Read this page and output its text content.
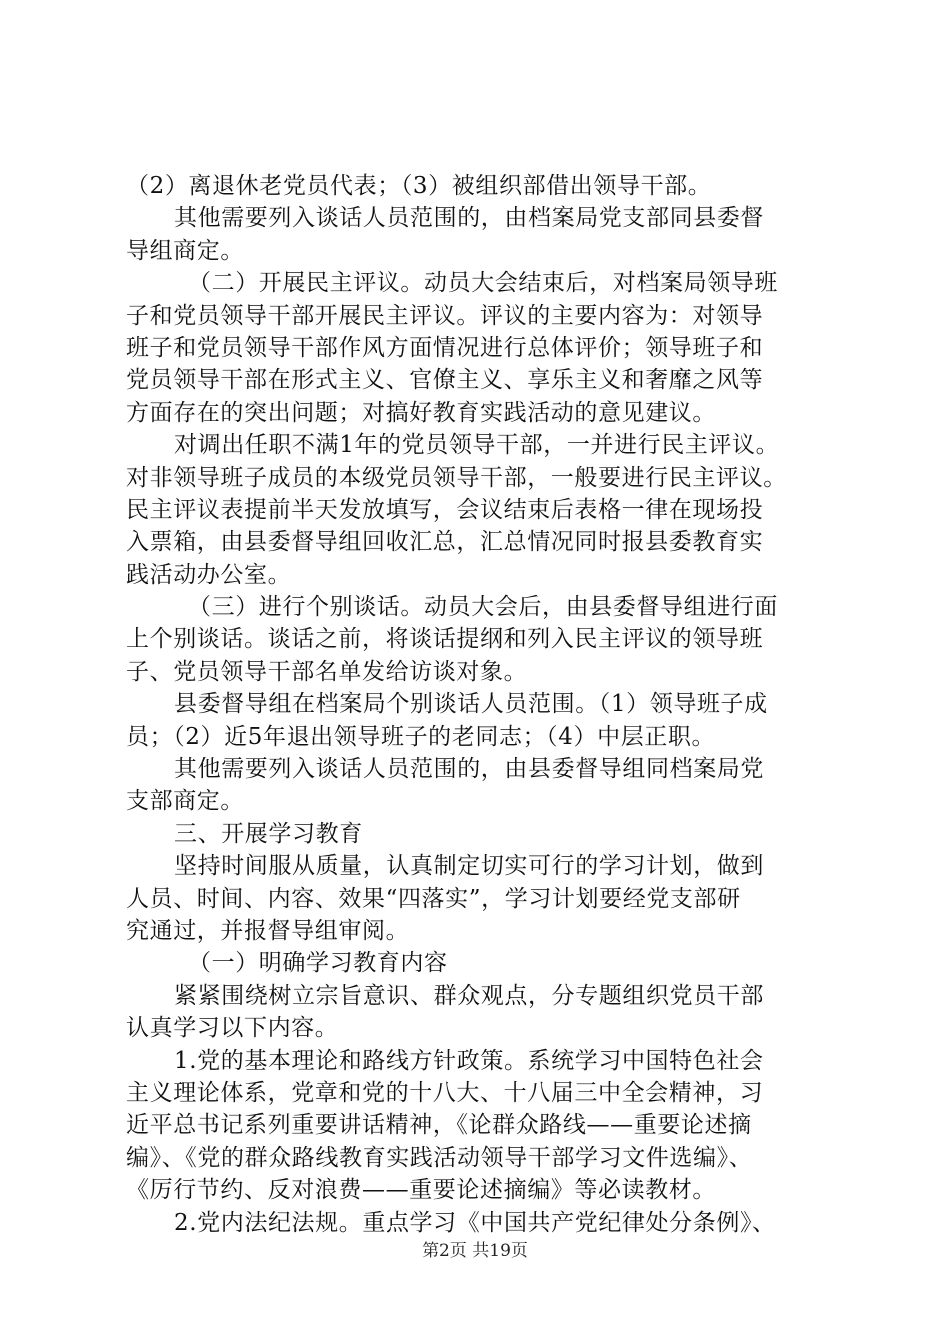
（2）离退休老党员代表；（3）被组织部借出领导干部。
其他需要列入谈话人员范围的，由档案局党支部同县委督
导组商定。
（二）开展民主评议。动员大会结束后，对档案局领导班
子和党员领导干部开展民主评议。评议的主要内容为：对领导
班子和党员领导干部作风方面情况进行总体评价；领导班子和
党员领导干部在形式主义、官僚主义、享乐主义和奢靡之风等
方面存在的突出问题；对搞好教育实践活动的意见建议。
对调出任职不满1年的党员领导干部，一并进行民主评议。
对非领导班子成员的本级党员领导干部，一般要进行民主评议。
民主评议表提前半天发放填写，会议结束后表格一律在现场投
入票箱，由县委督导组回收汇总，汇总情况同时报县委教育实
践活动办公室。
（三）进行个别谈话。动员大会后，由县委督导组进行面
上个别谈话。谈话之前，将谈话提纲和列入民主评议的领导班
子、党员领导干部名单发给访谈对象。
县委督导组在档案局个别谈话人员范围。（1）领导班子成
员；（2）近5年退出领导班子的老同志；（4）中层正职。
其他需要列入谈话人员范围的，由县委督导组同档案局党
支部商定。
三、开展学习教育
坚持时间服从质量，认真制定切实可行的学习计划，做到
人员、时间、内容、效果“四落实”，学习计划要经党支部研
究通过，并报督导组审阅。
（一）明确学习教育内容
紧紧围绕树立宗旨意识、群众观点，分专题组织党员干部
认真学习以下内容。
1.党的基本理论和路线方针政策。系统学习中国特色社会
主义理论体系，党章和党的十八大、十八届三中全会精神，习
近平总书记系列重要讲话精神，《论群众路线——重要论述摘
编》、《党的群众路线教育实践活动领导干部学习文件选编》、
《厉行节约、反对浪费——重要论述摘编》等必读教材。
2.党内法纪法规。重点学习《中国共产党纪律处分条例》、
第2页 共19页
